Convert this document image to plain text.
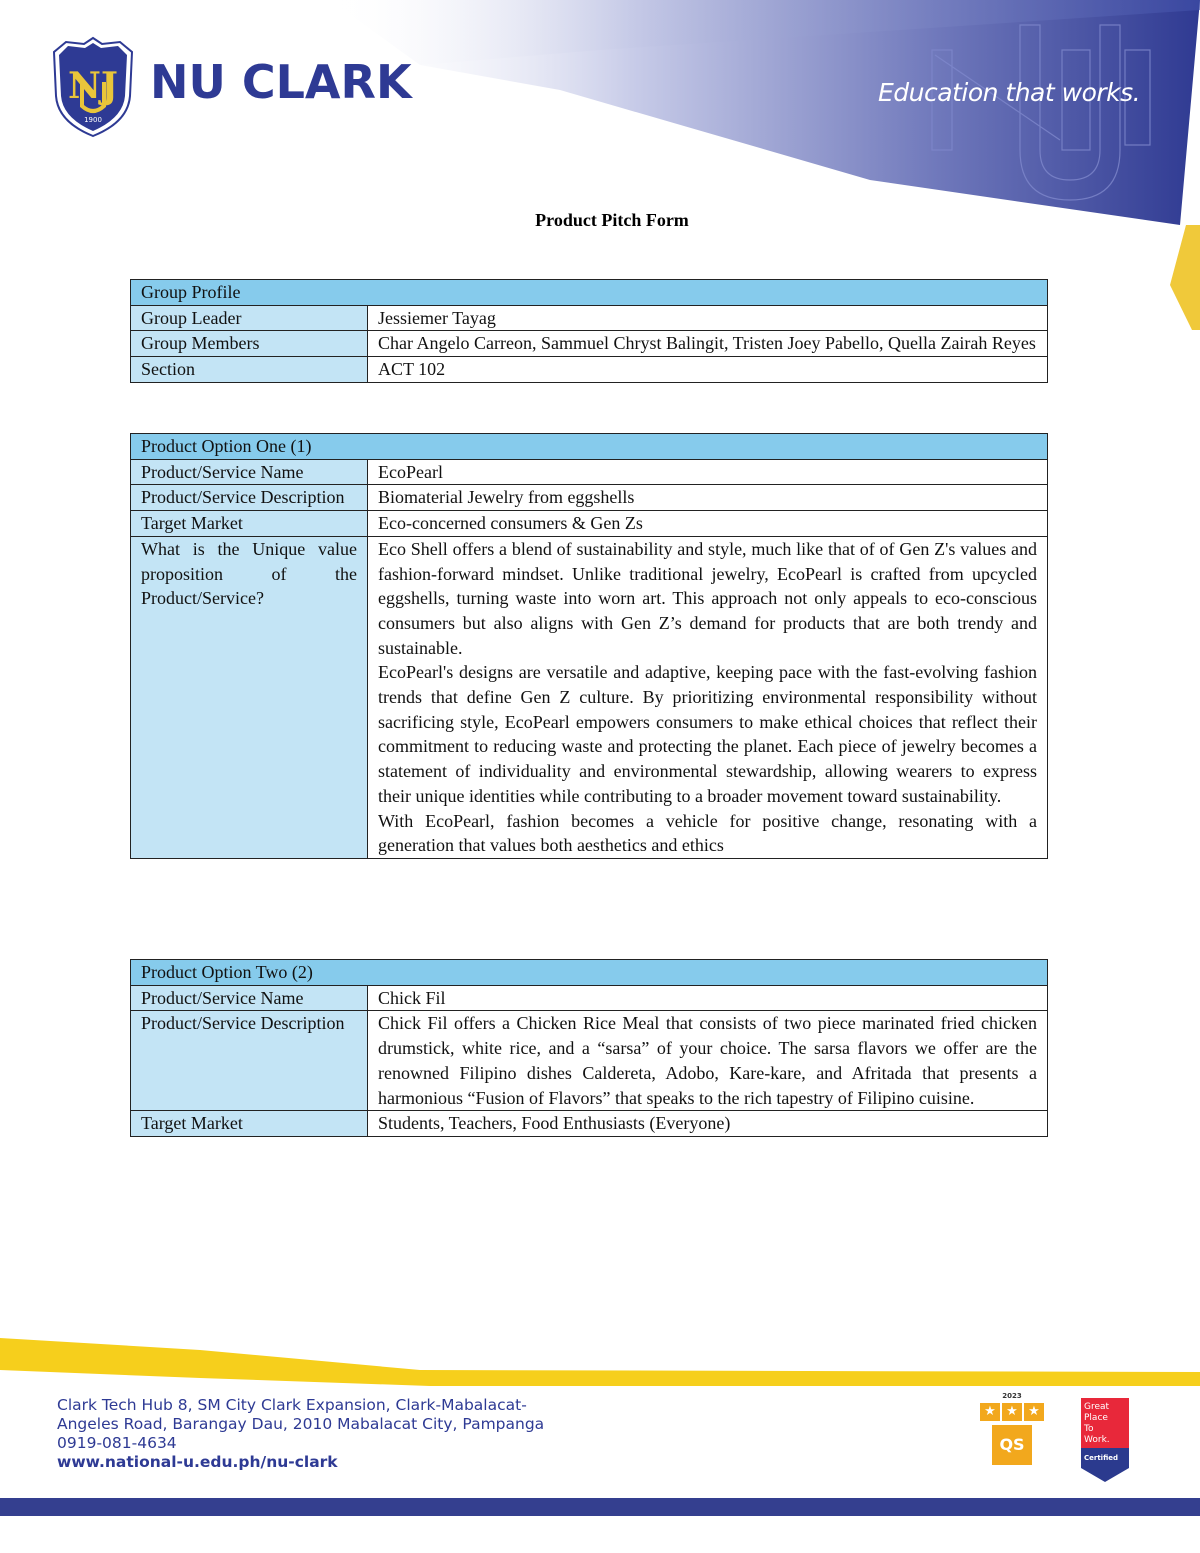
NJ
1900
NU CLARK	Education that works.
Product Pitch Form
Group Profile	
Group Leader	Jessiemer Tayag
Group Members	Char Angelo Carreon, Sammuel Chryst Balingit, Tristen Joey Pabello, Quella Zairah Reyes
Section	ACT 102
Product Option One (1)	
Product/Service Name	EcoPearl
Product/Service Description	Biomaterial Jewelry from eggshells
Target Market	Eco-concerned consumers & Gen Zs
What is the Unique value proposition of the Product/Service?	Eco Shell offers a blend of sustainability and style, much like that of of Gen Z's values and fashion-forward mindset. Unlike traditional jewelry, EcoPearl is crafted from upcycled eggshells, turning waste into worn art. This approach not only appeals to eco-conscious consumers but also aligns with Gen Z’s demand for products that are both trendy and sustainable.
EcoPearl's designs are versatile and adaptive, keeping pace with the fast-evolving fashion trends that define Gen Z culture. By prioritizing environmental responsibility without sacrificing style, EcoPearl empowers consumers to make ethical choices that reflect their commitment to reducing waste and protecting the planet. Each piece of jewelry becomes a statement of individuality and environmental stewardship, allowing wearers to express their unique identities while contributing to a broader movement toward sustainability.
With EcoPearl, fashion becomes a vehicle for positive change, resonating with a generation that values both aesthetics and ethics
Product Option Two (2)	
Product/Service Name	Chick Fil
Product/Service Description	Chick Fil offers a Chicken Rice Meal that consists of two piece marinated fried chicken drumstick, white rice, and a “sarsa” of your choice. The sarsa flavors we offer are the renowned Filipino dishes Caldereta, Adobo, Kare-kare, and Afritada that presents a harmonious “Fusion of Flavors” that speaks to the rich tapestry of Filipino cuisine.
Target Market	Students, Teachers, Food Enthusiasts (Everyone)
Clark Tech Hub 8, SM City Clark Expansion, Clark-Mabalacat-
Angeles Road, Barangay Dau, 2010 Mabalacat City, Pampanga
0919-081-4634
www.national-u.edu.ph/nu-clark
2023
★ ★ ★
QS
Great
Place
To
Work.
Certified
